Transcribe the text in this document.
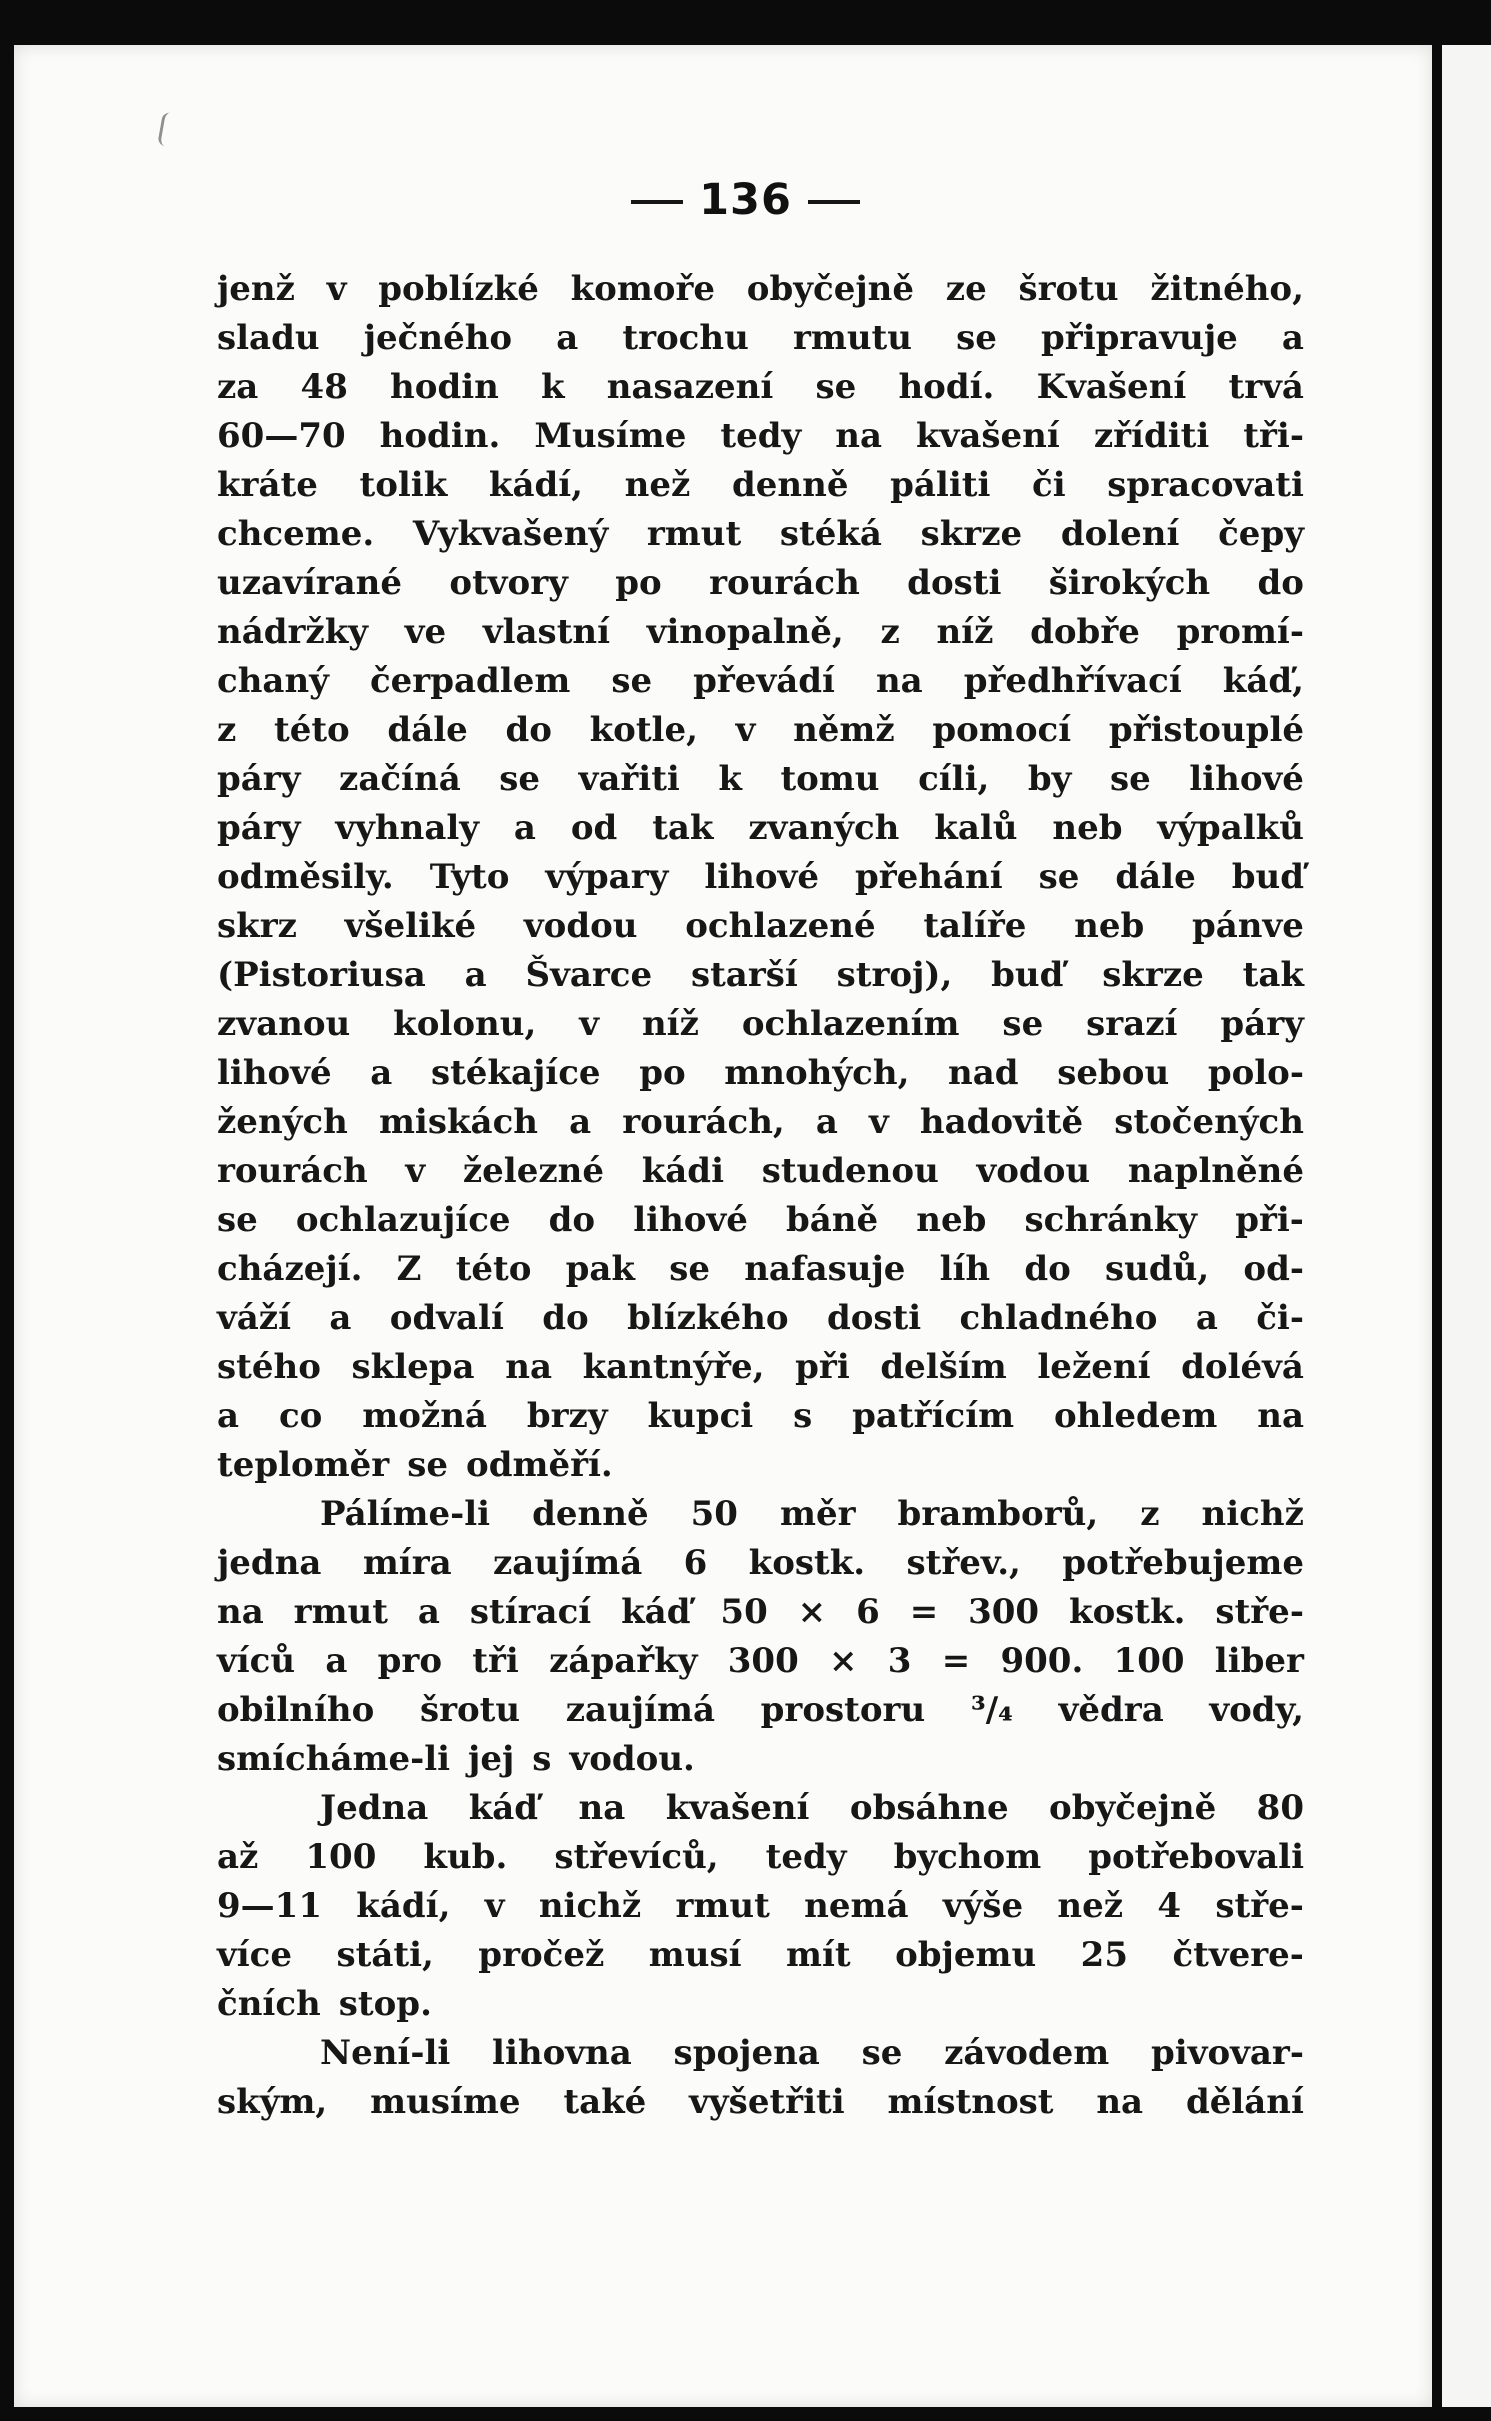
136
jenž v poblízké komoře obyčejně ze šrotu žitného,
sladu ječného a trochu rmutu se připravuje a
za 48 hodin k nasazení se hodí. Kvašení trvá
60—70 hodin. Musíme tedy na kvašení zříditi tři-
kráte tolik kádí, než denně páliti či spracovati
chceme. Vykvašený rmut stéká skrze dolení čepy
uzavírané otvory po rourách dosti širokých do
nádržky ve vlastní vinopalně, z níž dobře promí-
chaný čerpadlem se převádí na předhřívací káď,
z této dále do kotle, v němž pomocí přistouplé
páry začíná se vařiti k tomu cíli, by se lihové
páry vyhnaly a od tak zvaných kalů neb výpalků
odměsily. Tyto výpary lihové přehání se dále buď
skrz všeliké vodou ochlazené talíře neb pánve
(Pistoriusa a Švarce starší stroj), buď skrze tak
zvanou kolonu, v níž ochlazením se srazí páry
lihové a stékajíce po mnohých, nad sebou polo-
žených miskách a rourách, a v hadovitě stočených
rourách v železné kádi studenou vodou naplněné
se ochlazujíce do lihové báně neb schránky při-
cházejí. Z této pak se nafasuje líh do sudů, od-
váží a odvalí do blízkého dosti chladného a či-
stého sklepa na kantnýře, při delším ležení dolévá
a co možná brzy kupci s patřícím ohledem na
teploměr se odměří.
Pálíme-li denně 50 měr bramborů, z nichž
jedna míra zaujímá 6 kostk. střev., potřebujeme
na rmut a stírací káď 50 × 6 = 300 kostk. stře-
víců a pro tři zápařky 300 × 3 = 900. 100 liber
obilního šrotu zaujímá prostoru ³/₄ vědra vody,
smícháme-li jej s vodou.
Jedna káď na kvašení obsáhne obyčejně 80
až 100 kub. střevíců, tedy bychom potřebovali
9—11 kádí, v nichž rmut nemá výše než 4 stře-
více státi, pročež musí mít objemu 25 čtvere-
čních stop.
Není-li lihovna spojena se závodem pivovar-
ským, musíme také vyšetřiti místnost na dělání
